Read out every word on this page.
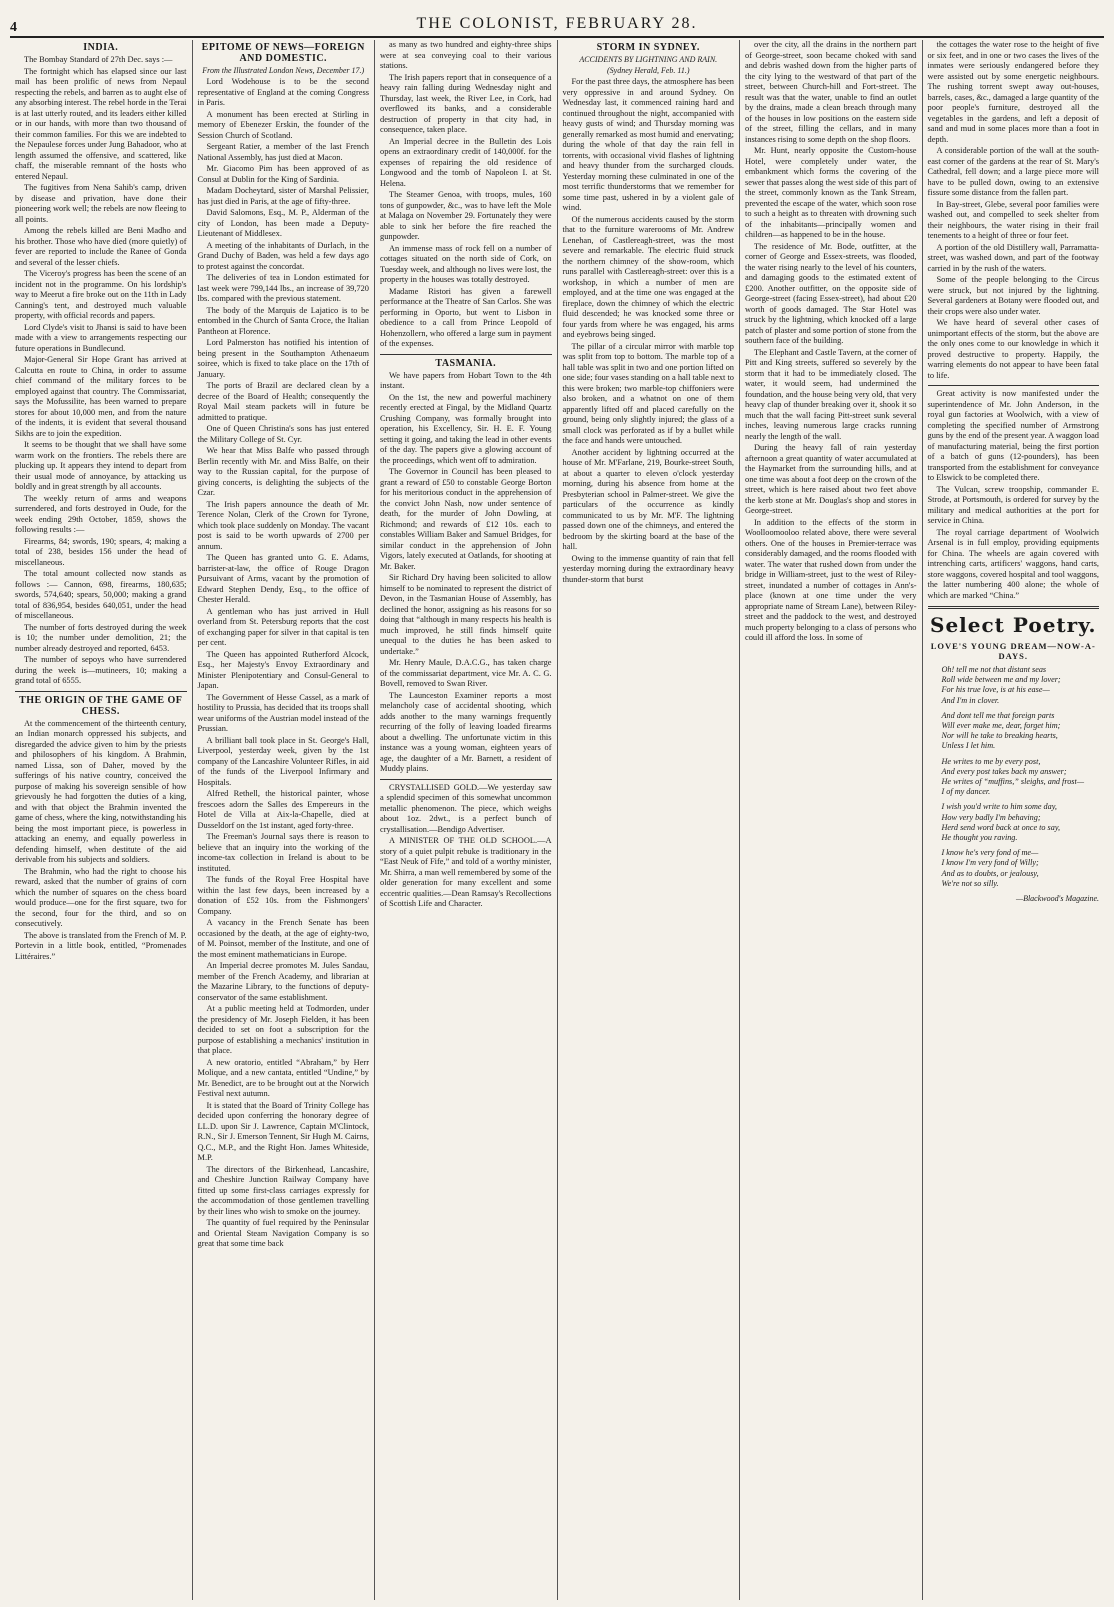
4	THE COLONIST, FEBRUARY 28.
INDIA.

The Bombay Standard of 27th Dec. says :—

The fortnight which has elapsed since our last mail has been prolific of news from Nepaul respecting the rebels, and barren as to aught else of any absorbing interest. The rebel horde in the Terai is at last utterly routed, and its leaders either killed or in our hands, with more than two thousand of their common families. For this we are indebted to the Nepaulese forces under Jung Bahadoor, who at length assumed the offensive, and scattered, like chaff, the miserable remnant of the hosts who entered Nepaul.

The fugitives from Nena Sahib's camp, driven by disease and privation, have done their pioneering work well; the rebels are now fleeing to all points.

Among the rebels killed are Beni Madho and his brother. Those who have died (more quietly) of fever are reported to include the Ranee of Gonda and several of the lesser chiefs.

The Viceroy's progress has been the scene of an incident not in the programme. On his lordship's way to Meerut a fire broke out on the 11th in Lady Canning's tent, and destroyed much valuable property, with official records and papers.

Lord Clyde's visit to Jhansi is said to have been made with a view to arrangements respecting our future operations in Bundlecund.

Major-General Sir Hope Grant has arrived at Calcutta en route to China, in order to assume chief command of the military forces to be employed against that country. The Commissariat, says the Mofussilite, has been warned to prepare stores for about 10,000 men, and from the nature of the indents, it is evident that several thousand Sikhs are to join the expedition.

It seems to be thought that we shall have some warm work on the frontiers. The rebels there are plucking up. It appears they intend to depart from their usual mode of annoyance, by attacking us boldly and in great strength by all accounts.

The weekly return of arms and weapons surrendered, and forts destroyed in Oude, for the week ending 29th October, 1859, shows the following results :—

Firearms, 84; swords, 190; spears, 4; making a total of 238, besides 156 under the head of miscellaneous.

The total amount collected now stands as follows :— Cannon, 698, firearms, 180,635; swords, 574,640; spears, 50,000; making a grand total of 836,954, besides 640,051, under the head of miscellaneous.

The number of forts destroyed during the week is 10; the number under demolition, 21; the number already destroyed and reported, 6453.

The number of sepoys who have surrendered during the week is—mutineers, 10; making a grand total of 6555.

THE ORIGIN OF THE GAME OF CHESS.

At the commencement of the thirteenth century, an Indian monarch oppressed his subjects, and disregarded the advice given to him by the priests and philosophers of his kingdom. A Brahmin, named Lissa, son of Daher, moved by the sufferings of his native country, conceived the purpose of making his sovereign sensible of how grievously he had forgotten the duties of a king, and with that object the Brahmin invented the game of chess, where the king, notwithstanding his being the most important piece, is powerless in attacking an enemy, and equally powerless in defending himself, when destitute of the aid derivable from his subjects and soldiers.

The Brahmin, who had the right to choose his reward, asked that the number of grains of corn which the number of squares on the chess board would produce—one for the first square, two for the second, four for the third, and so on consecutively.

The above is translated from the French of M. P. Portevin in a little book, entitled, “Promenades Littéraires.”

EPITOME OF NEWS—FOREIGN AND DOMESTIC.
From the Illustrated London News, December 17.)

Lord Wodehouse is to be the second representative of England at the coming Congress in Paris.

A monument has been erected at Stirling in memory of Ebenezer Erskin, the founder of the Session Church of Scotland.

Sergeant Ratier, a member of the last French National Assembly, has just died at Macon.

Mr. Giacomo Pim has been approved of as Consul at Dublin for the King of Sardinia.

Madam Docheytard, sister of Marshal Pelissier, has just died in Paris, at the age of fifty-three.

David Salomons, Esq., M. P., Alderman of the city of London, has been made a Deputy-Lieutenant of Middlesex.

A meeting of the inhabitants of Durlach, in the Grand Duchy of Baden, was held a few days ago to protest against the concordat.

The deliveries of tea in London estimated for last week were 799,144 lbs., an increase of 39,720 lbs. compared with the previous statement.

The body of the Marquis de Lajatico is to be entombed in the Church of Santa Croce, the Italian Pantheon at Florence.

Lord Palmerston has notified his intention of being present in the Southampton Athenaeum soiree, which is fixed to take place on the 17th of January.

The ports of Brazil are declared clean by a decree of the Board of Health; consequently the Royal Mail steam packets will in future be admitted to pratique.

One of Queen Christina's sons has just entered the Military College of St. Cyr.

We hear that Miss Balfe who passed through Berlin recently with Mr. and Miss Balfe, on their way to the Russian capital, for the purpose of giving concerts, is delighting the subjects of the Czar.

The Irish papers announce the death of Mr. Terence Nolan, Clerk of the Crown for Tyrone, which took place suddenly on Monday. The vacant post is said to be worth upwards of 2700 per annum.

The Queen has granted unto G. E. Adams, barrister-at-law, the office of Rouge Dragon Pursuivant of Arms, vacant by the promotion of Edward Stephen Dendy, Esq., to the office of Chester Herald.

A gentleman who has just arrived in Hull overland from St. Petersburg reports that the cost of exchanging paper for silver in that capital is ten per cent.

The Queen has appointed Rutherford Alcock, Esq., her Majesty's Envoy Extraordinary and Minister Plenipotentiary and Consul-General to Japan.

The Government of Hesse Cassel, as a mark of hostility to Prussia, has decided that its troops shall wear uniforms of the Austrian model instead of the Prussian.

A brilliant ball took place in St. George's Hall, Liverpool, yesterday week, given by the 1st company of the Lancashire Volunteer Rifles, in aid of the funds of the Liverpool Infirmary and Hospitals.

Alfred Rethell, the historical painter, whose frescoes adorn the Salles des Empereurs in the Hotel de Villa at Aix-la-Chapelle, died at Dusseldorf on the 1st instant, aged forty-three.

The Freeman's Journal says there is reason to believe that an inquiry into the working of the income-tax collection in Ireland is about to be instituted.

The funds of the Royal Free Hospital have within the last few days, been increased by a donation of £52 10s. from the Fishmongers' Company.

A vacancy in the French Senate has been occasioned by the death, at the age of eighty-two, of M. Poinsot, member of the Institute, and one of the most eminent mathematicians in Europe.

An Imperial decree promotes M. Jules Sandau, member of the French Academy, and librarian at the Mazarine Library, to the functions of deputy-conservator of the same establishment.

At a public meeting held at Todmorden, under the presidency of Mr. Joseph Fielden, it has been decided to set on foot a subscription for the purpose of establishing a mechanics' institution in that place.

A new oratorio, entitled “Abraham,” by Herr Molique, and a new cantata, entitled “Undine,” by Mr. Benedict, are to be brought out at the Norwich Festival next autumn.

It is stated that the Board of Trinity College has decided upon conferring the honorary degree of LL.D. upon Sir J. Lawrence, Captain M'Clintock, R.N., Sir J. Emerson Tennent, Sir Hugh M. Cairns, Q.C., M.P., and the Right Hon. James Whiteside, M.P.

The directors of the Birkenhead, Lancashire, and Cheshire Junction Railway Company have fitted up some first-class carriages expressly for the accommodation of those gentlemen travelling by their lines who wish to smoke on the journey.

The quantity of fuel required by the Peninsular and Oriental Steam Navigation Company is so great that some time back

as many as two hundred and eighty-three ships were at sea conveying coal to their various stations.

The Irish papers report that in consequence of a heavy rain falling during Wednesday night and Thursday, last week, the River Lee, in Cork, had overflowed its banks, and a considerable destruction of property in that city had, in consequence, taken place.

An Imperial decree in the Bulletin des Lois opens an extraordinary credit of 140,000f. for the expenses of repairing the old residence of Longwood and the tomb of Napoleon I. at St. Helena.

The Steamer Genoa, with troops, mules, 160 tons of gunpowder, &c., was to have left the Mole at Malaga on November 29. Fortunately they were able to sink her before the fire reached the gunpowder.

An immense mass of rock fell on a number of cottages situated on the north side of Cork, on Tuesday week, and although no lives were lost, the property in the houses was totally destroyed.

Madame Ristori has given a farewell performance at the Theatre of San Carlos. She was performing in Oporto, but went to Lisbon in obedience to a call from Prince Leopold of Hohenzollern, who offered a large sum in payment of the expenses.

TASMANIA.

We have papers from Hobart Town to the 4th instant.

On the 1st, the new and powerful machinery recently erected at Fingal, by the Midland Quartz Crushing Company, was formally brought into operation, his Excellency, Sir. H. E. F. Young setting it going, and taking the lead in other events of the day. The papers give a glowing account of the proceedings, which went off to admiration.

The Governor in Council has been pleased to grant a reward of £50 to constable George Borton for his meritorious conduct in the apprehension of the convict John Nash, now under sentence of death, for the murder of John Dowling, at Richmond; and rewards of £12 10s. each to constables William Baker and Samuel Bridges, for similar conduct in the apprehension of John Vigors, lately executed at Oatlands, for shooting at Mr. Baker.

Sir Richard Dry having been solicited to allow himself to be nominated to represent the district of Devon, in the Tasmanian House of Assembly, has declined the honor, assigning as his reasons for so doing that “although in many respects his health is much improved, he still finds himself quite unequal to the duties he has been asked to undertake.”

Mr. Henry Maule, D.A.C.G., has taken charge of the commissariat department, vice Mr. A. C. G. Bovell, removed to Swan River.

The Launceston Examiner reports a most melancholy case of accidental shooting, which adds another to the many warnings frequently recurring of the folly of leaving loaded firearms about a dwelling. The unfortunate victim in this instance was a young woman, eighteen years of age, the daughter of a Mr. Barnett, a resident of Muddy plains.

CRYSTALLISED GOLD.—We yesterday saw a splendid specimen of this somewhat uncommon metallic phenomenon. The piece, which weighs about 1oz. 2dwt., is a perfect bunch of crystallisation.—Bendigo Advertiser.

A MINISTER OF THE OLD SCHOOL.—A story of a quiet pulpit rebuke is traditionary in the “East Neuk of Fife,” and told of a worthy minister, Mr. Shirra, a man well remembered by some of the older generation for many excellent and some eccentric qualities.—Dean Ramsay's Recollections of Scottish Life and Character.

STORM IN SYDNEY.
ACCIDENTS BY LIGHTNING AND RAIN.
(Sydney Herald, Feb. 11.)

For the past three days, the atmosphere has been very oppressive in and around Sydney. On Wednesday last, it commenced raining hard and continued throughout the night, accompanied with heavy gusts of wind; and Thursday morning was generally remarked as most humid and enervating; during the whole of that day the rain fell in torrents, with occasional vivid flashes of lightning and heavy thunder from the surcharged clouds. Yesterday morning these culminated in one of the most terrific thunderstorms that we remember for some time past, ushered in by a violent gale of wind.

Of the numerous accidents caused by the storm that to the furniture warerooms of Mr. Andrew Lenehan, of Castlereagh-street, was the most severe and remarkable. The electric fluid struck the northern chimney of the show-room, which runs parallel with Castlereagh-street: over this is a workshop, in which a number of men are employed, and at the time one was engaged at the fireplace, down the chimney of which the electric fluid descended; he was knocked some three or four yards from where he was engaged, his arms and eyebrows being singed.

The pillar of a circular mirror with marble top was split from top to bottom. The marble top of a hall table was split in two and one portion lifted on one side; four vases standing on a hall table next to this were broken; two marble-top chiffoniers were also broken, and a whatnot on one of them apparently lifted off and placed carefully on the ground, being only slightly injured; the glass of a small clock was perforated as if by a bullet while the face and hands were untouched.

Another accident by lightning occurred at the house of Mr. M'Farlane, 219, Bourke-street South, at about a quarter to eleven o'clock yesterday morning, during his absence from home at the Presbyterian school in Palmer-street. We give the particulars of the occurrence as kindly communicated to us by Mr. M'F. The lightning passed down one of the chimneys, and entered the bedroom by the skirting board at the base of the hall.

Owing to the immense quantity of rain that fell yesterday morning during the extraordinary heavy thunder-storm that burst

over the city, all the drains in the northern part of George-street, soon became choked with sand and debris washed down from the higher parts of the city lying to the westward of that part of the street, between Church-hill and Fort-street. The result was that the water, unable to find an outlet by the drains, made a clean breach through many of the houses in low positions on the eastern side of the street, filling the cellars, and in many instances rising to some depth on the shop floors.

Mr. Hunt, nearly opposite the Custom-house Hotel, were completely under water, the embankment which forms the covering of the sewer that passes along the west side of this part of the street, commonly known as the Tank Stream, prevented the escape of the water, which soon rose to such a height as to threaten with drowning such of the inhabitants—principally women and children—as happened to be in the house.

The residence of Mr. Bode, outfitter, at the corner of George and Essex-streets, was flooded, the water rising nearly to the level of his counters, and damaging goods to the estimated extent of £200. Another outfitter, on the opposite side of George-street (facing Essex-street), had about £20 worth of goods damaged. The Star Hotel was struck by the lightning, which knocked off a large patch of plaster and some portion of stone from the southern face of the building.

The Elephant and Castle Tavern, at the corner of Pitt and King streets, suffered so severely by the storm that it had to be immediately closed. The water, it would seem, had undermined the foundation, and the house being very old, that very heavy clap of thunder breaking over it, shook it so much that the wall facing Pitt-street sunk several inches, leaving numerous large cracks running nearly the length of the wall.

During the heavy fall of rain yesterday afternoon a great quantity of water accumulated at the Haymarket from the surrounding hills, and at one time was about a foot deep on the crown of the street, which is here raised about two feet above the kerb stone at Mr. Douglas's shop and stores in George-street.

In addition to the effects of the storm in Woolloomooloo related above, there were several others. One of the houses in Premier-terrace was considerably damaged, and the rooms flooded with water. The water that rushed down from under the bridge in William-street, just to the west of Riley-street, inundated a number of cottages in Ann's-place (known at one time under the very appropriate name of Stream Lane), between Riley-street and the paddock to the west, and destroyed much property belonging to a class of persons who could ill afford the loss. In some of

the cottages the water rose to the height of five or six feet, and in one or two cases the lives of the inmates were seriously endangered before they were assisted out by some energetic neighbours. The rushing torrent swept away out-houses, barrels, cases, &c., damaged a large quantity of the poor people's furniture, destroyed all the vegetables in the gardens, and left a deposit of sand and mud in some places more than a foot in depth.

A considerable portion of the wall at the south-east corner of the gardens at the rear of St. Mary's Cathedral, fell down; and a large piece more will have to be pulled down, owing to an extensive fissure some distance from the fallen part.

In Bay-street, Glebe, several poor families were washed out, and compelled to seek shelter from their neighbours, the water rising in their frail tenements to a height of three or four feet.

A portion of the old Distillery wall, Parramatta-street, was washed down, and part of the footway carried in by the rush of the waters.

Some of the people belonging to the Circus were struck, but not injured by the lightning. Several gardeners at Botany were flooded out, and their crops were also under water.

We have heard of several other cases of unimportant effects of the storm, but the above are the only ones come to our knowledge in which it proved destructive to property. Happily, the warring elements do not appear to have been fatal to life.

Great activity is now manifested under the superintendence of Mr. John Anderson, in the royal gun factories at Woolwich, with a view of completing the specified number of Armstrong guns by the end of the present year. A waggon load of manufacturing material, being the first portion of a batch of guns (12-pounders), has been transported from the establishment for conveyance to Elswick to be completed there.

The Vulcan, screw troopship, commander E. Strode, at Portsmouth, is ordered for survey by the military and medical authorities at the port for service in China.

The royal carriage department of Woolwich Arsenal is in full employ, providing equipments for China. The wheels are again covered with intrenching carts, artificers' waggons, hand carts, store waggons, covered hospital and tool waggons, the latter numbering 400 alone; the whole of which are marked “China.”

Select Poetry.
LOVE'S YOUNG DREAM—NOW-A-DAYS.
Oh! tell me not that distant seas
Roll wide between me and my lover;
For his true love, is at his ease—
And I'm in clover.
And dont tell me that foreign parts
Will ever make me, dear, forget him;
Nor will he take to breaking hearts,
Unless I let him.
He writes to me by every post,
And every post takes back my answer;
He writes of “muffins,” sleighs, and frost—
I of my dancer.
I wish you'd write to him some day,
How very badly I'm behaving;
Herd send word back at once to say,
He thought you raving.
I know he's very fond of me—
I know I'm very fond of Willy;
And as to doubts, or jealousy,
We're not so silly.
—Blackwood's Magazine.
